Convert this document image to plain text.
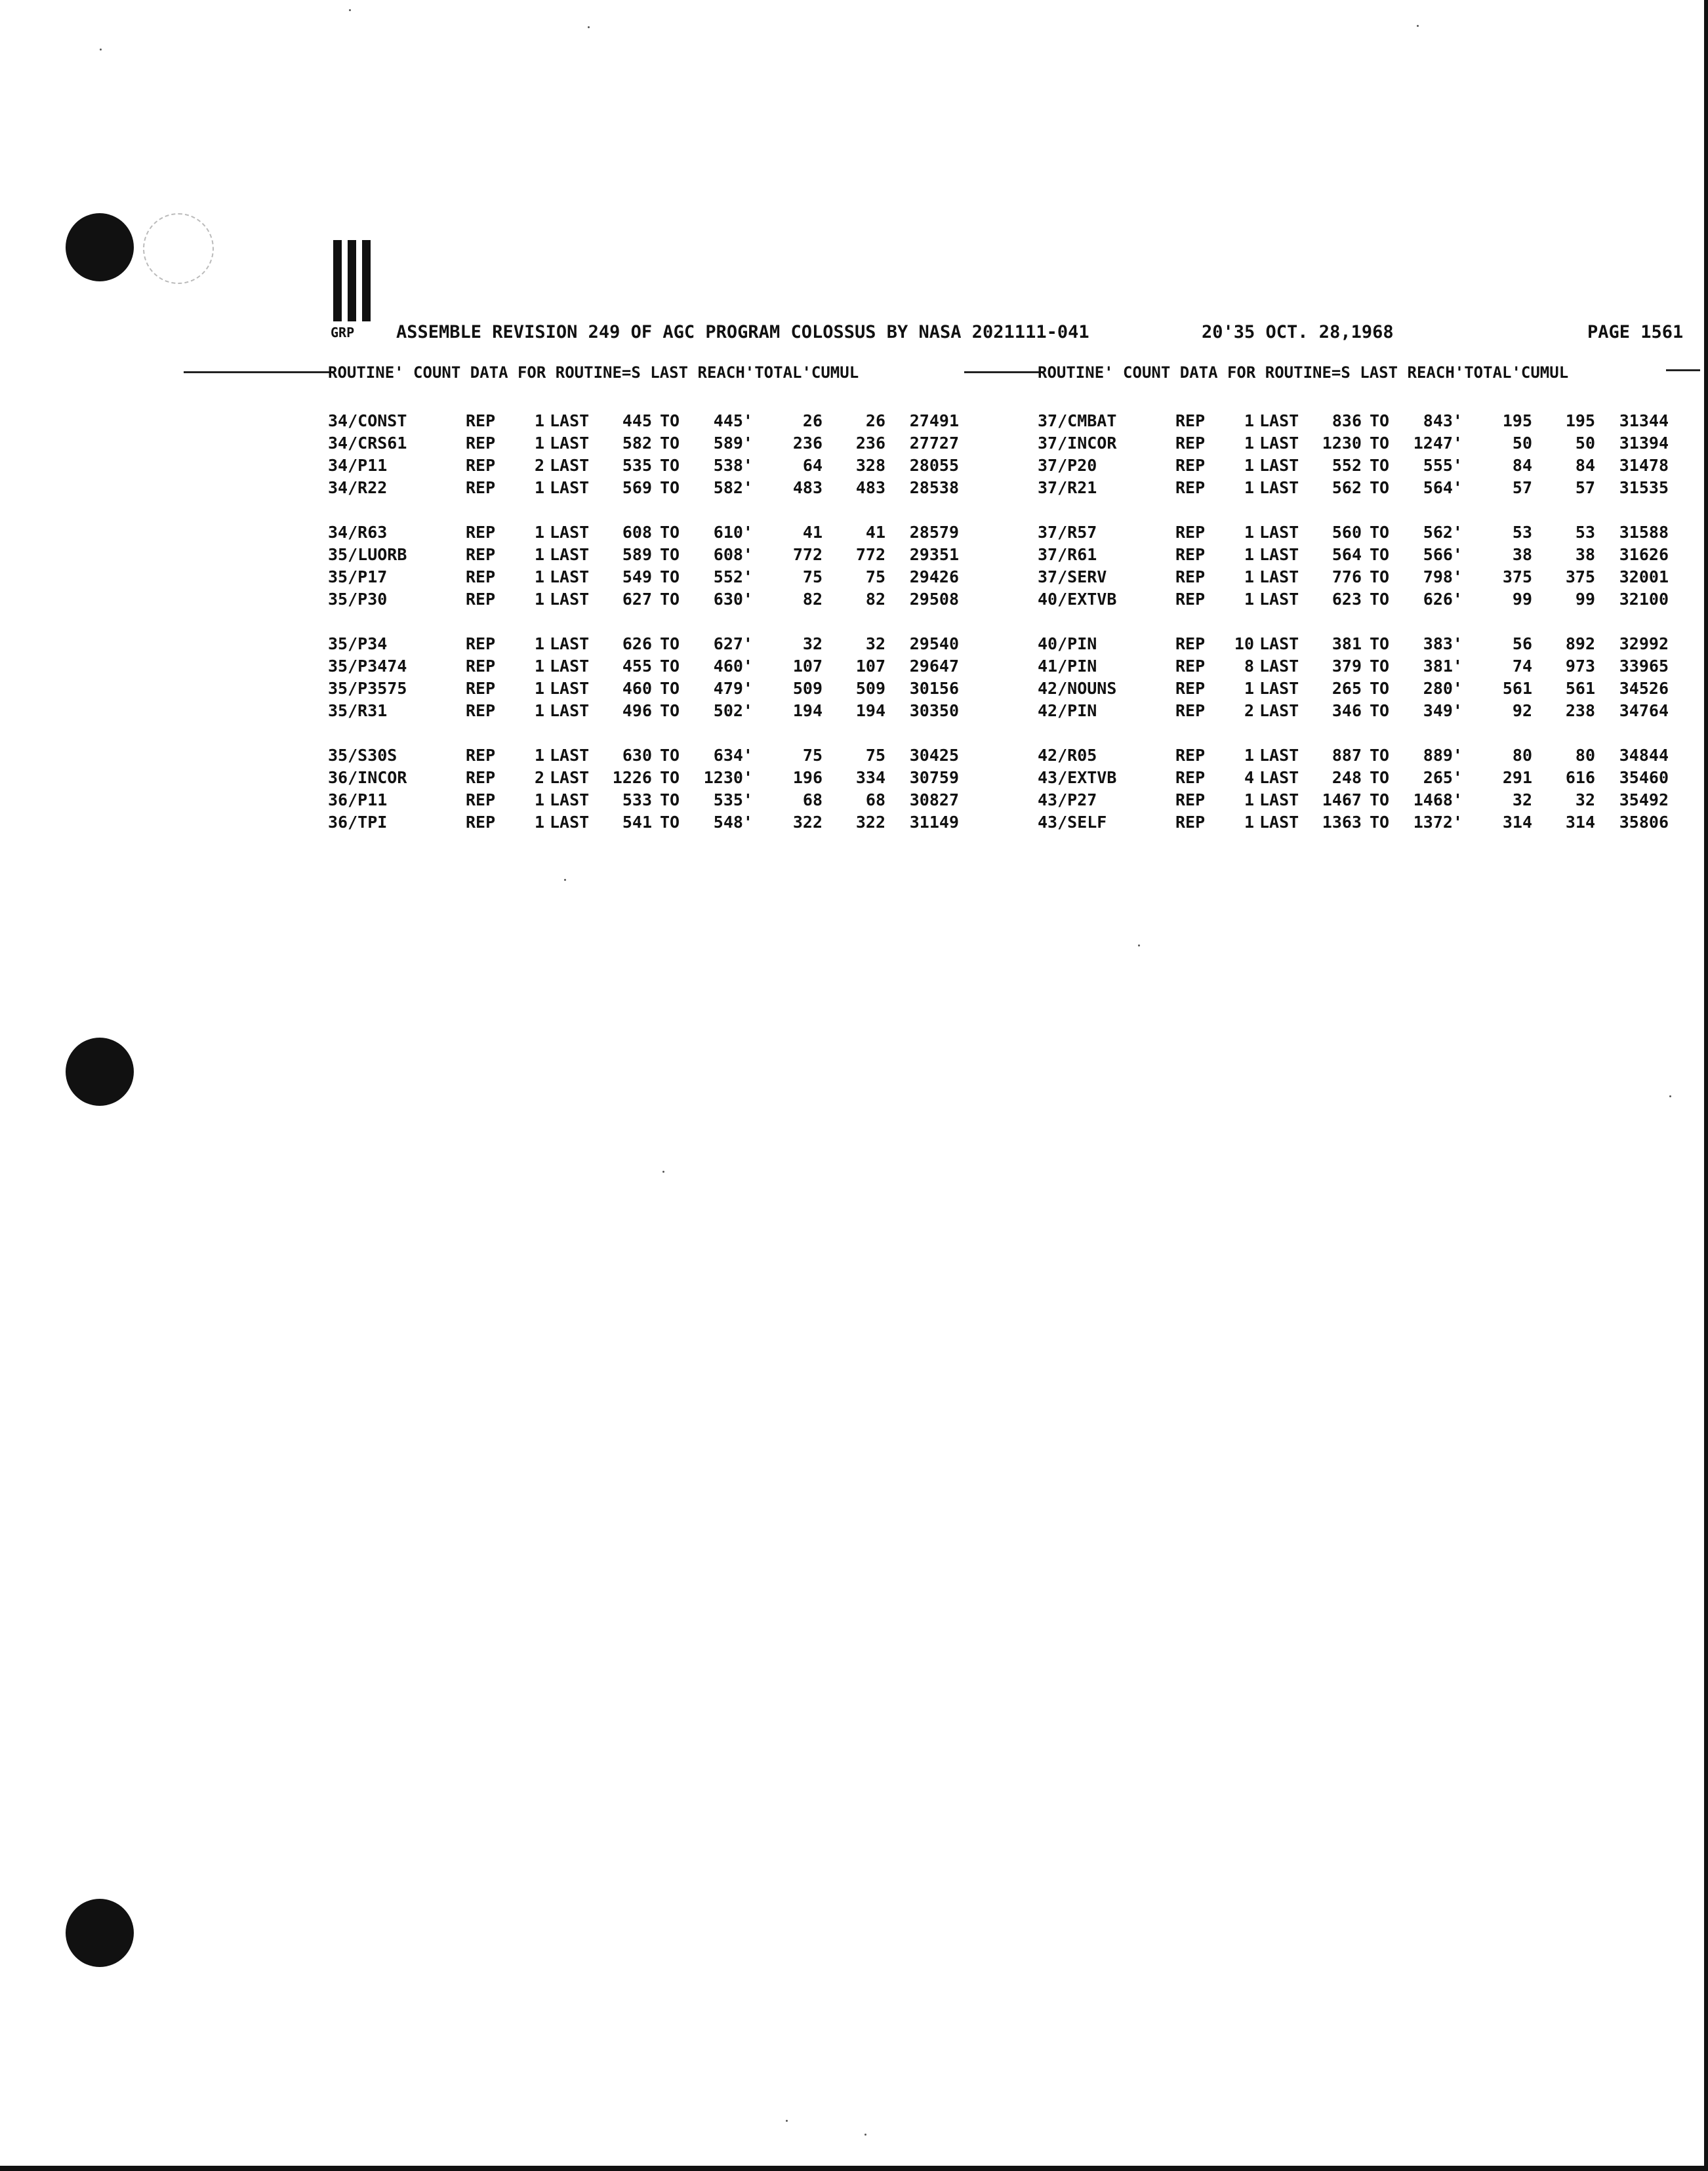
GRP ASSEMBLE REVISION 249 OF AGC PROGRAM COLOSSUS BY NASA 2021111-041	20'35 OCT. 28,1968	PAGE 1561
ROUTINE' COUNT DATA FOR ROUTINE=S LAST REACH'TOTAL'CUMUL	ROUTINE' COUNT DATA FOR ROUTINE=S LAST REACH'TOTAL'CUMUL
34/CONST	REP	1 LAST	445 TO	445'	26	26	27491
34/CRS61	REP	1 LAST	582 TO	589'	236	236	27727
34/P11	REP	2 LAST	535 TO	538'	64	328	28055
34/R22	REP	1 LAST	569 TO	582'	483	483	28538
34/R63	REP	1 LAST	608 TO	610'	41	41	28579
35/LUORB	REP	1 LAST	589 TO	608'	772	772	29351
35/P17	REP	1 LAST	549 TO	552'	75	75	29426
35/P30	REP	1 LAST	627 TO	630'	82	82	29508
35/P34	REP	1 LAST	626 TO	627'	32	32	29540
35/P3474	REP	1 LAST	455 TO	460'	107	107	29647
35/P3575	REP	1 LAST	460 TO	479'	509	509	30156
35/R31	REP	1 LAST	496 TO	502'	194	194	30350
35/S30S	REP	1 LAST	630 TO	634'	75	75	30425
36/INCOR	REP	2 LAST	1226 TO	1230'	196	334	30759
36/P11	REP	1 LAST	533 TO	535'	68	68	30827
36/TPI	REP	1 LAST	541 TO	548'	322	322	31149
37/CMBAT	REP	1 LAST	836 TO	843'	195	195	31344
37/INCOR	REP	1 LAST	1230 TO	1247'	50	50	31394
37/P20	REP	1 LAST	552 TO	555'	84	84	31478
37/R21	REP	1 LAST	562 TO	564'	57	57	31535
37/R57	REP	1 LAST	560 TO	562'	53	53	31588
37/R61	REP	1 LAST	564 TO	566'	38	38	31626
37/SERV	REP	1 LAST	776 TO	798'	375	375	32001
40/EXTVB	REP	1 LAST	623 TO	626'	99	99	32100
40/PIN	REP	10 LAST	381 TO	383'	56	892	32992
41/PIN	REP	8 LAST	379 TO	381'	74	973	33965
42/NOUNS	REP	1 LAST	265 TO	280'	561	561	34526
42/PIN	REP	2 LAST	346 TO	349'	92	238	34764
42/R05	REP	1 LAST	887 TO	889'	80	80	34844
43/EXTVB	REP	4 LAST	248 TO	265'	291	616	35460
43/P27	REP	1 LAST	1467 TO	1468'	32	32	35492
43/SELF	REP	1 LAST	1363 TO	1372'	314	314	35806
